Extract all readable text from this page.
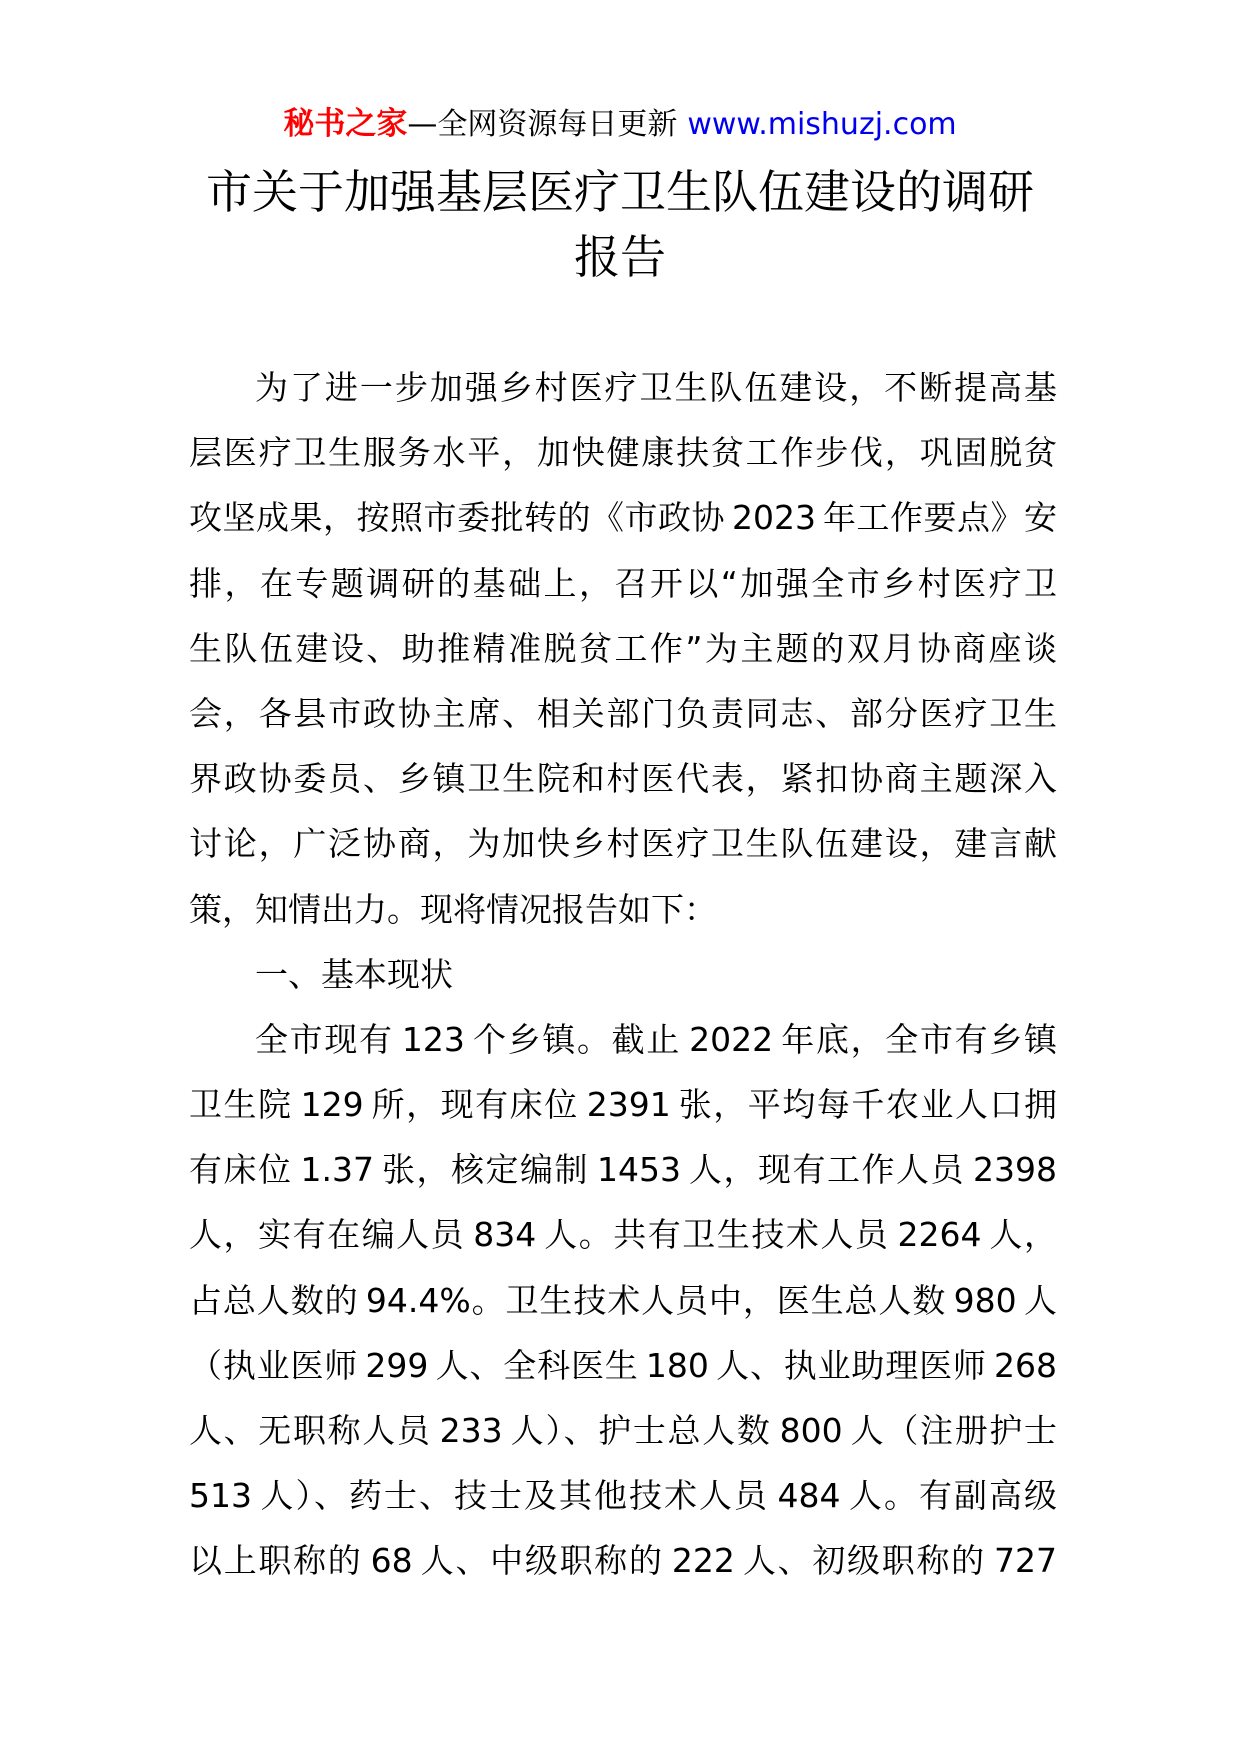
秘书之家—全网资源每日更新 www.mishuzj.com
市关于加强基层医疗卫生队伍建设的调研
报告
为了进一步加强乡村医疗卫生队伍建设，不断提高基
层医疗卫生服务水平，加快健康扶贫工作步伐，巩固脱贫
攻坚成果，按照市委批转的《市政协 2023 年工作要点》安
排，在专题调研的基础上，召开以“加强全市乡村医疗卫
生队伍建设、助推精准脱贫工作”为主题的双月协商座谈
会，各县市政协主席、相关部门负责同志、部分医疗卫生
界政协委员、乡镇卫生院和村医代表，紧扣协商主题深入
讨论，广泛协商，为加快乡村医疗卫生队伍建设，建言献
策，知情出力。现将情况报告如下：
一、基本现状
全市现有 123 个乡镇。截止 2022 年底，全市有乡镇
卫生院 129 所，现有床位 2391 张，平均每千农业人口拥
有床位 1.37 张，核定编制 1453 人，现有工作人员 2398
人，实有在编人员 834 人。共有卫生技术人员 2264 人，
占总人数的 94.4%。卫生技术人员中，医生总人数 980 人
（执业医师 299 人、全科医生 180 人、执业助理医师 268
人、无职称人员 233 人）、护士总人数 800 人（注册护士
513 人）、药士、技士及其他技术人员 484 人。有副高级
以上职称的 68 人、中级职称的 222 人、初级职称的 727
